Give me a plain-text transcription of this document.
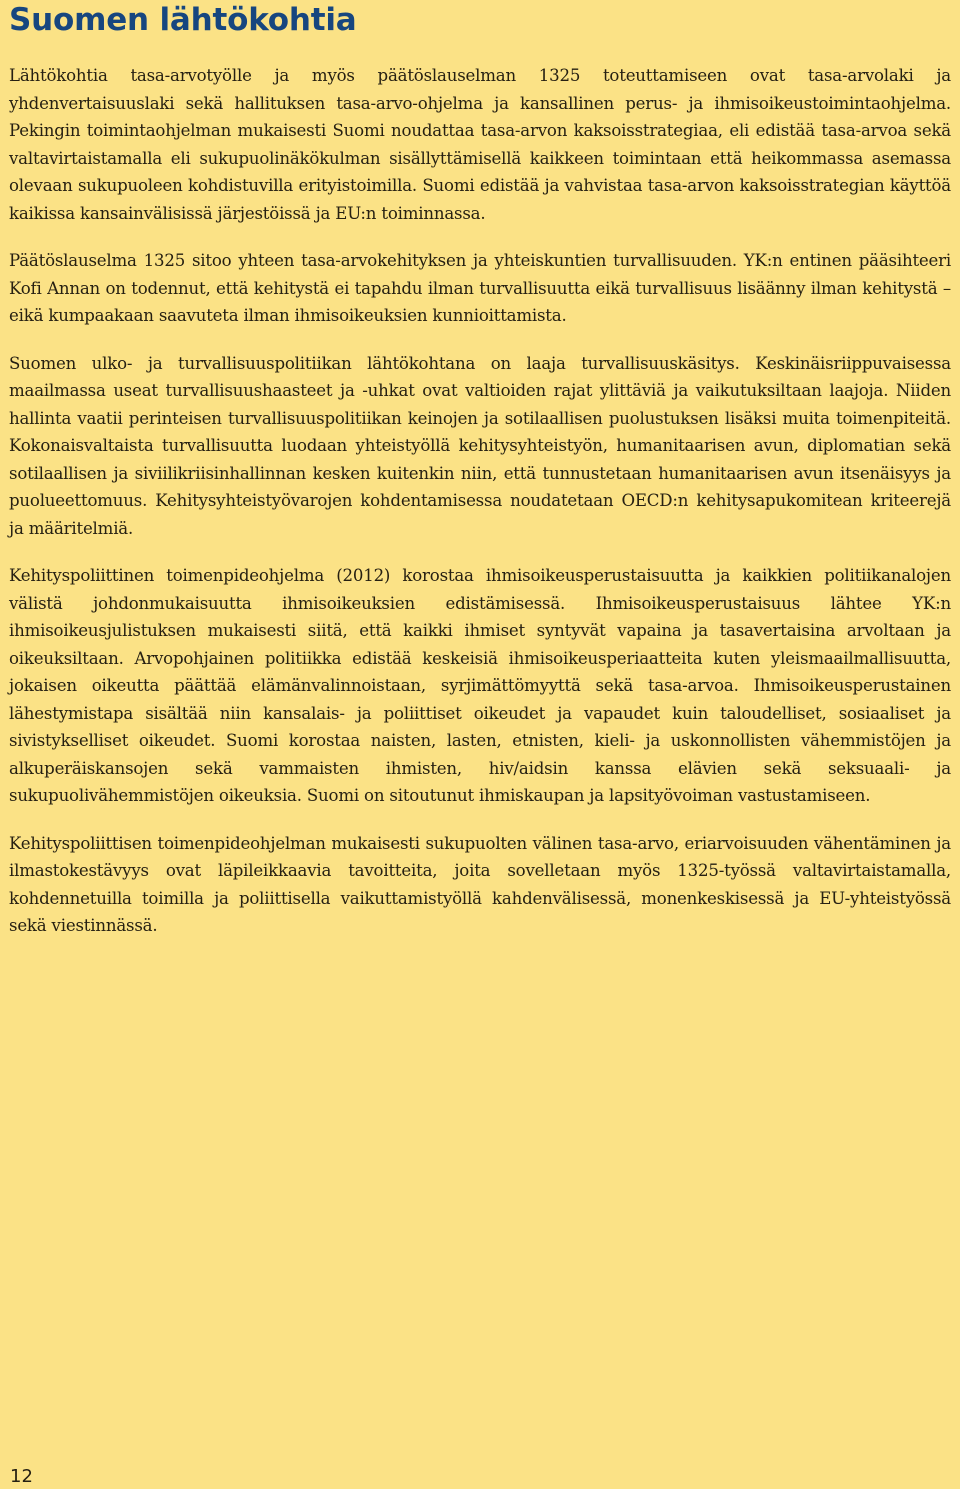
Suomen lähtökohtia

Lähtökohtia tasa-arvotyölle ja myös päätöslauselman 1325 toteuttamiseen ovat tasa-arvolaki ja yhdenvertaisuuslaki sekä hallituksen tasa-arvo-ohjelma ja kansallinen perus- ja ihmisoikeustoimintaohjelma. Pekingin toimintaohjelman mukaisesti Suomi noudattaa tasa-arvon kaksoisstrategiaa, eli edistää tasa-arvoa sekä valtavirtaistamalla eli sukupuolinäkökulman sisällyttämisellä kaikkeen toimintaan että heikommassa asemassa olevaan sukupuoleen kohdistuvilla erityistoimilla. Suomi edistää ja vahvistaa tasa-arvon kaksoisstrategian käyttöä kaikissa kansainvälisissä järjestöissä ja EU:n toiminnassa.

Päätöslauselma 1325 sitoo yhteen tasa-arvokehityksen ja yhteiskuntien turvallisuuden. YK:n entinen pääsihteeri Kofi Annan on todennut, että kehitystä ei tapahdu ilman turvallisuutta eikä turvallisuus lisäänny ilman kehitystä – eikä kumpaakaan saavuteta ilman ihmisoikeuksien kunnioittamista.

Suomen ulko- ja turvallisuuspolitiikan lähtökohtana on laaja turvallisuuskäsitys. Keskinäisriippuvaisessa maailmassa useat turvallisuushaasteet ja -uhkat ovat valtioiden rajat ylittäviä ja vaikutuksiltaan laajoja. Niiden hallinta vaatii perinteisen turvallisuuspolitiikan keinojen ja sotilaallisen puolustuksen lisäksi muita toimenpiteitä. Kokonaisvaltaista turvallisuutta luodaan yhteistyöllä kehitysyhteistyön, humanitaarisen avun, diplomatian sekä sotilaallisen ja siviilikriisinhallinnan kesken kuitenkin niin, että tunnustetaan humanitaarisen avun itsenäisyys ja puolueettomuus. Kehitysyhteistyövarojen kohdentamisessa noudatetaan OECD:n kehitysapukomitean kriteerejä ja määritelmiä.

Kehityspoliittinen toimenpideohjelma (2012) korostaa ihmisoikeusperustaisuutta ja kaikkien politiikanalojen välistä johdonmukaisuutta ihmisoikeuksien edistämisessä. Ihmisoikeusperustaisuus lähtee YK:n ihmisoikeusjulistuksen mukaisesti siitä, että kaikki ihmiset syntyvät vapaina ja tasavertaisina arvoltaan ja oikeuksiltaan. Arvopohjainen politiikka edistää keskeisiä ihmisoikeusperiaatteita kuten yleismaailmallisuutta, jokaisen oikeutta päättää elämänvalinnoistaan, syrjimättömyyttä sekä tasa-arvoa. Ihmisoikeusperustainen lähestymistapa sisältää niin kansalais- ja poliittiset oikeudet ja vapaudet kuin taloudelliset, sosiaaliset ja sivistykselliset oikeudet. Suomi korostaa naisten, lasten, etnisten, kieli- ja uskonnollisten vähemmistöjen ja alkuperäiskansojen sekä vammaisten ihmisten, hiv/aidsin kanssa elävien sekä seksuaali- ja sukupuolivähemmistöjen oikeuksia. Suomi on sitoutunut ihmiskaupan ja lapsityövoiman vastustamiseen.

Kehityspoliittisen toimenpideohjelman mukaisesti sukupuolten välinen tasa-arvo, eriarvoisuuden vähentäminen ja ilmastokestävyys ovat läpileikkaavia tavoitteita, joita sovelletaan myös 1325-työssä valtavirtaistamalla, kohdennetuilla toimilla ja poliittisella vaikuttamistyöllä kahdenvälisessä, monenkeskisessä ja EU-yhteistyössä sekä viestinnässä.

12
